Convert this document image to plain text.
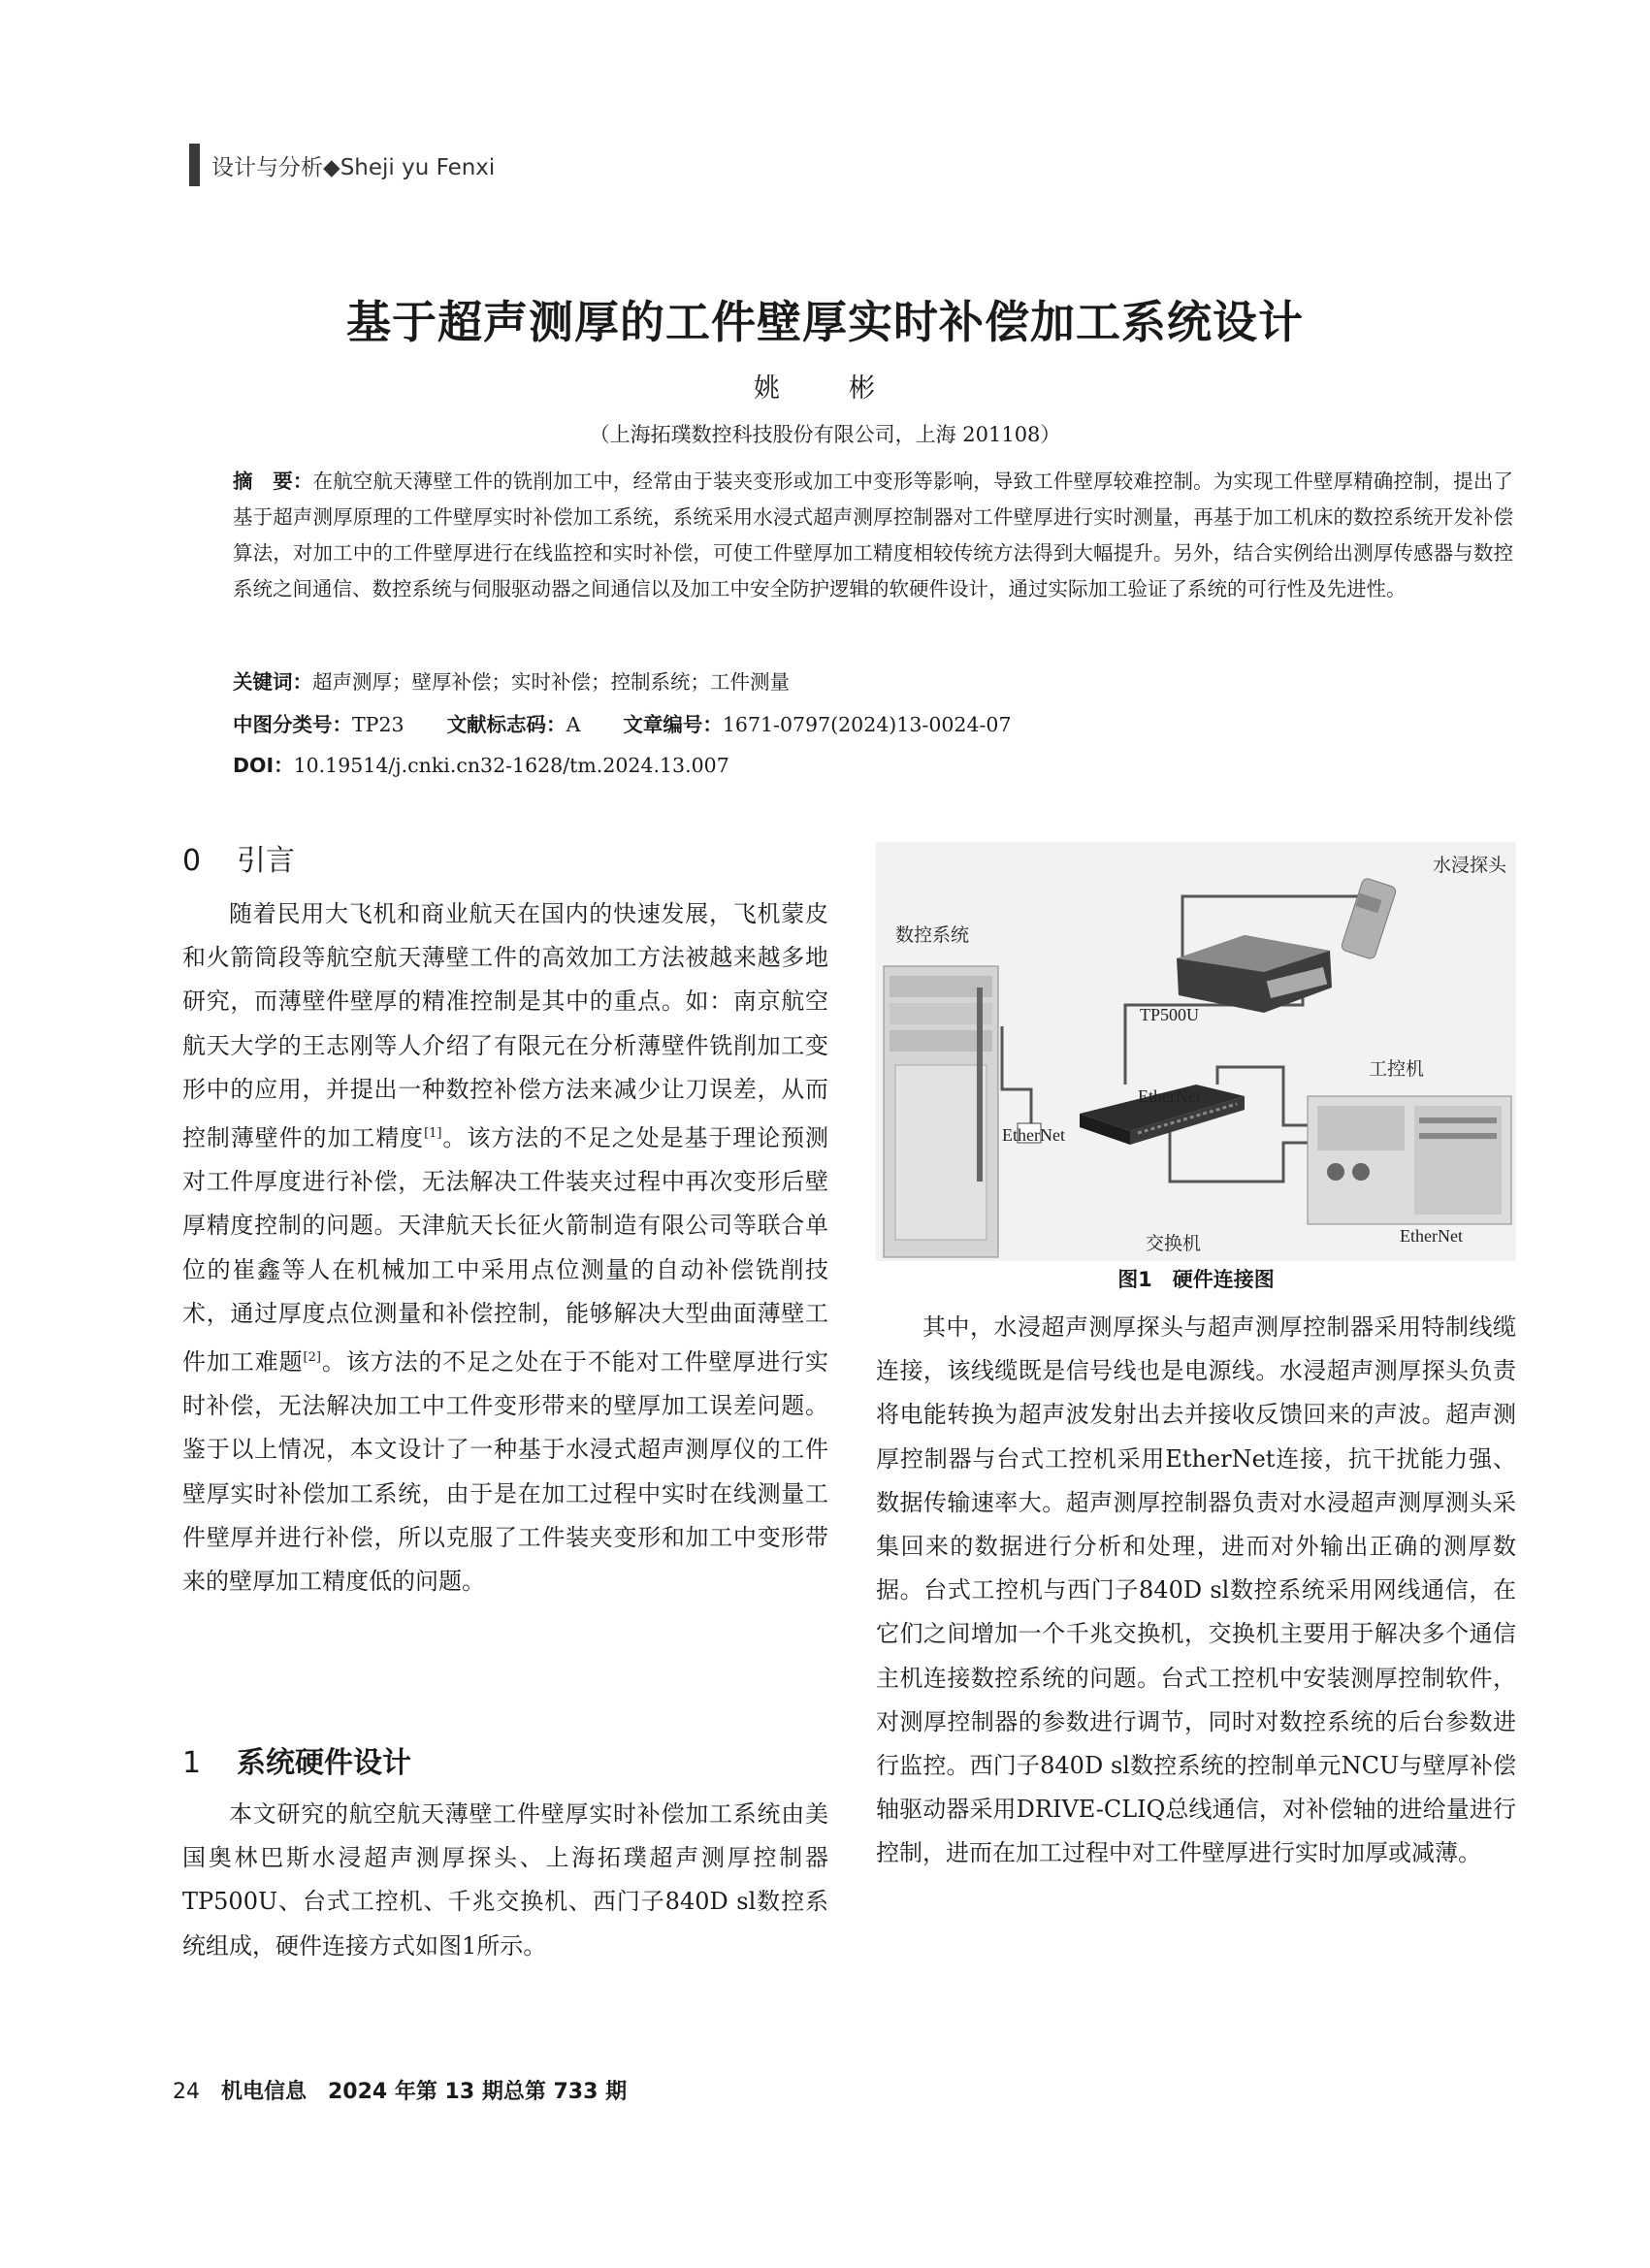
设计与分析◆Sheji yu Fenxi
基于超声测厚的工件壁厚实时补偿加工系统设计
姚　彬
（上海拓璞数控科技股份有限公司，上海 201108）
摘　要：在航空航天薄壁工件的铣削加工中，经常由于装夹变形或加工中变形等影响，导致工件壁厚较难控制。为实现工件壁厚精确控制，提出了基于超声测厚原理的工件壁厚实时补偿加工系统，系统采用水浸式超声测厚控制器对工件壁厚进行实时测量，再基于加工机床的数控系统开发补偿算法，对加工中的工件壁厚进行在线监控和实时补偿，可使工件壁厚加工精度相较传统方法得到大幅提升。另外，结合实例给出测厚传感器与数控系统之间通信、数控系统与伺服驱动器之间通信以及加工中安全防护逻辑的软硬件设计，通过实际加工验证了系统的可行性及先进性。
关键词：超声测厚；壁厚补偿；实时补偿；控制系统；工件测量
中图分类号：TP23 文献标志码：A 文章编号：1671-0797(2024)13-0024-07
DOI：10.19514/j.cnki.cn32-1628/tm.2024.13.007
0 引言

随着民用大飞机和商业航天在国内的快速发展，飞机蒙皮和火箭筒段等航空航天薄壁工件的高效加工方法被越来越多地研究，而薄壁件壁厚的精准控制是其中的重点。如：南京航空航天大学的王志刚等人介绍了有限元在分析薄壁件铣削加工变形中的应用，并提出一种数控补偿方法来减少让刀误差，从而控制薄壁件的加工精度[1]。该方法的不足之处是基于理论预测对工件厚度进行补偿，无法解决工件装夹过程中再次变形后壁厚精度控制的问题。天津航天长征火箭制造有限公司等联合单位的崔鑫等人在机械加工中采用点位测量的自动补偿铣削技术，通过厚度点位测量和补偿控制，能够解决大型曲面薄壁工件加工难题[2]。该方法的不足之处在于不能对工件壁厚进行实时补偿，无法解决加工中工件变形带来的壁厚加工误差问题。鉴于以上情况，本文设计了一种基于水浸式超声测厚仪的工件壁厚实时补偿加工系统，由于是在加工过程中实时在线测量工件壁厚并进行补偿，所以克服了工件装夹变形和加工中变形带来的壁厚加工精度低的问题。

1 系统硬件设计

本文研究的航空航天薄壁工件壁厚实时补偿加工系统由美国奥林巴斯水浸超声测厚探头、上海拓璞超声测厚控制器TP500U、台式工控机、千兆交换机、西门子840D sl数控系统组成，硬件连接方式如图1所示。

水浸探头
数控系统
TP500U
工控机
EtherNet
EtherNet
EtherNet
交换机
图1　硬件连接图

其中，水浸超声测厚探头与超声测厚控制器采用特制线缆连接，该线缆既是信号线也是电源线。水浸超声测厚探头负责将电能转换为超声波发射出去并接收反馈回来的声波。超声测厚控制器与台式工控机采用EtherNet连接，抗干扰能力强、数据传输速率大。超声测厚控制器负责对水浸超声测厚测头采集回来的数据进行分析和处理，进而对外输出正确的测厚数据。台式工控机与西门子840D sl数控系统采用网线通信，在它们之间增加一个千兆交换机，交换机主要用于解决多个通信主机连接数控系统的问题。台式工控机中安装测厚控制软件，对测厚控制器的参数进行调节，同时对数控系统的后台参数进行监控。西门子840D sl数控系统的控制单元NCU与壁厚补偿轴驱动器采用DRIVE-CLIQ总线通信，对补偿轴的进给量进行控制，进而在加工过程中对工件壁厚进行实时加厚或减薄。

24 机电信息　2024 年第 13 期总第 733 期
